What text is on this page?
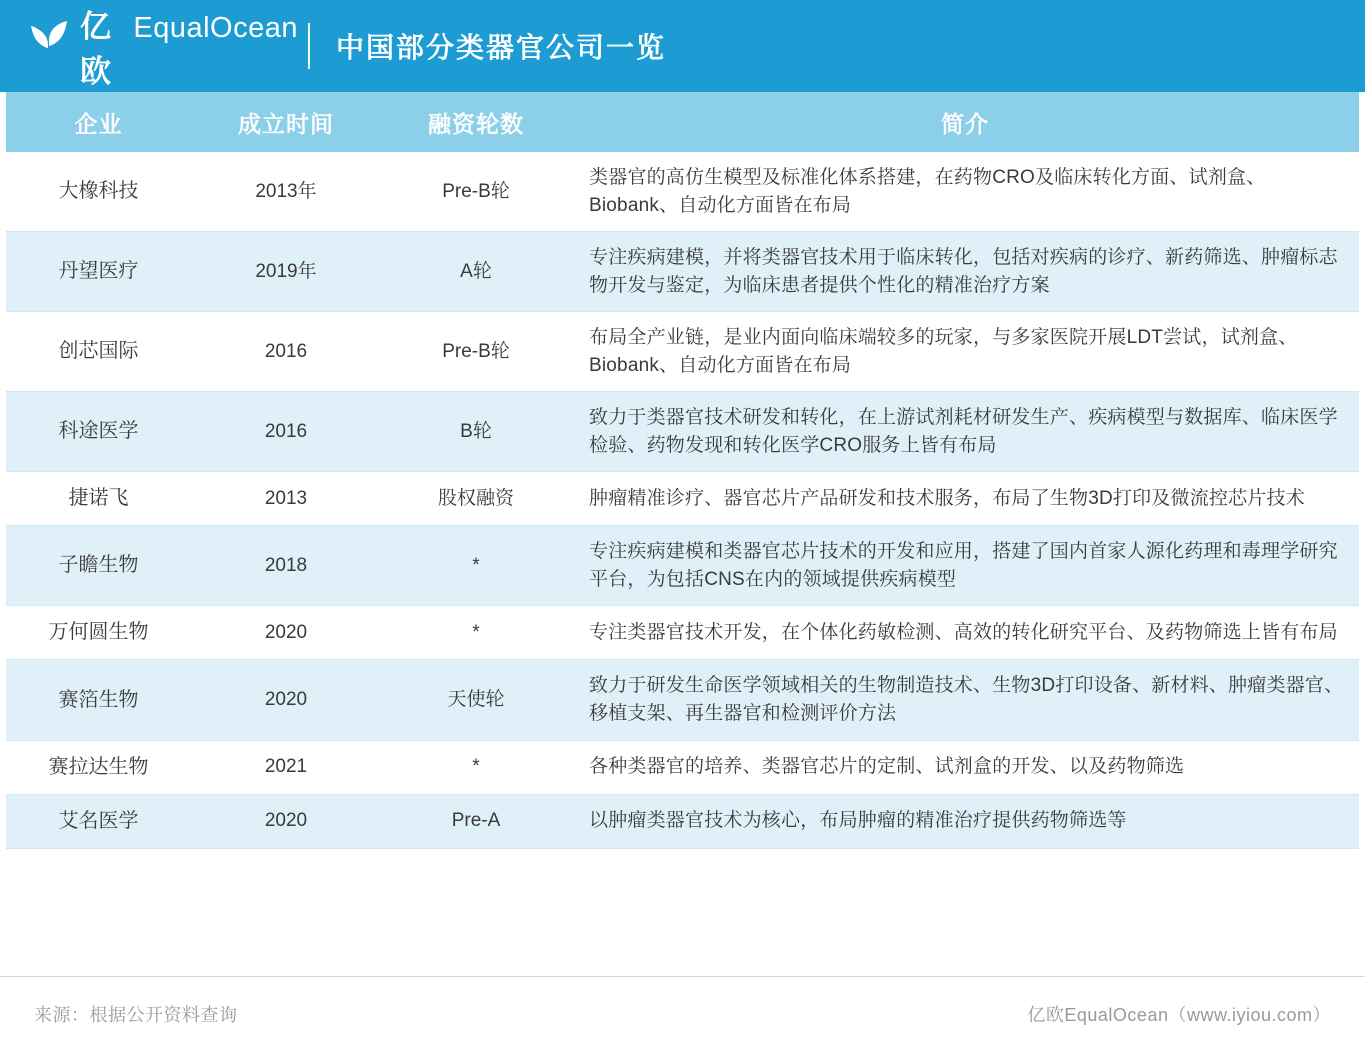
亿欧
EqualOcean
中国部分类器官公司一览
企业	成立时间	融资轮数	简介
大橡科技	2013年	Pre-B轮	类器官的高仿生模型及标准化体系搭建，在药物CRO及临床转化方面、试剂盒、Biobank、自动化方面皆在布局
丹望医疗	2019年	A轮	专注疾病建模，并将类器官技术用于临床转化，包括对疾病的诊疗、新药筛选、肿瘤标志物开发与鉴定，为临床患者提供个性化的精准治疗方案
创芯国际	2016	Pre-B轮	布局全产业链，是业内面向临床端较多的玩家，与多家医院开展LDT尝试，试剂盒、Biobank、自动化方面皆在布局
科途医学	2016	B轮	致力于类器官技术研发和转化，在上游试剂耗材研发生产、疾病模型与数据库、临床医学检验、药物发现和转化医学CRO服务上皆有布局
捷诺飞	2013	股权融资	肿瘤精准诊疗、器官芯片产品研发和技术服务，布局了生物3D打印及微流控芯片技术
子瞻生物	2018	*	专注疾病建模和类器官芯片技术的开发和应用，搭建了国内首家人源化药理和毒理学研究平台，为包括CNS在内的领域提供疾病模型
万何圆生物	2020	*	专注类器官技术开发，在个体化药敏检测、高效的转化研究平台、及药物筛选上皆有布局
赛箔生物	2020	天使轮	致力于研发生命医学领域相关的生物制造技术、生物3D打印设备、新材料、肿瘤类器官、移植支架、再生器官和检测评价方法
赛拉达生物	2021	*	各种类器官的培养、类器官芯片的定制、试剂盒的开发、以及药物筛选
艾名医学	2020	Pre-A	以肿瘤类器官技术为核心，布局肿瘤的精准治疗提供药物筛选等
来源：根据公开资料查询	亿欧EqualOcean（www.iyiou.com）
